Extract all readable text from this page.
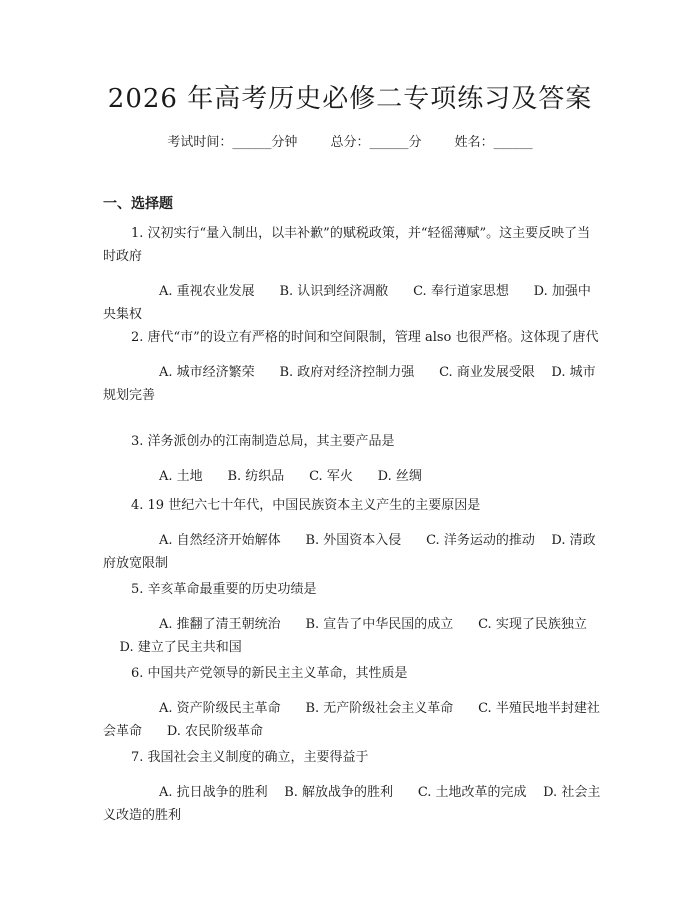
2026 年高考历史必修二专项练习及答案
考试时间：______分钟	总分：______分	姓名：______
一、选择题
1. 汉初实行“量入制出，以丰补歉”的赋税政策，并“轻徭薄赋”。这主要反映了当时政府
A. 重视农业发展 B. 认识到经济凋敝 C. 奉行道家思想 D. 加强中央集权
2. 唐代“市”的设立有严格的时间和空间限制，管理 also 也很严格。这体现了唐代
A. 城市经济繁荣 B. 政府对经济控制力强 C. 商业发展受限 D. 城市规划完善
3. 洋务派创办的江南制造总局，其主要产品是
A. 土地 B. 纺织品 C. 军火 D. 丝绸
4. 19 世纪六七十年代，中国民族资本主义产生的主要原因是
A. 自然经济开始解体 B. 外国资本入侵 C. 洋务运动的推动 D. 清政府放宽限制
5. 辛亥革命最重要的历史功绩是
A. 推翻了清王朝统治 B. 宣告了中华民国的成立 C. 实现了民族独立    D. 建立了民主共和国
6. 中国共产党领导的新民主主义革命，其性质是
A. 资产阶级民主革命 B. 无产阶级社会主义革命 C. 半殖民地半封建社会革命 D. 农民阶级革命
7. 我国社会主义制度的确立，主要得益于
A. 抗日战争的胜利 B. 解放战争的胜利 C. 土地改革的完成 D. 社会主义改造的胜利
